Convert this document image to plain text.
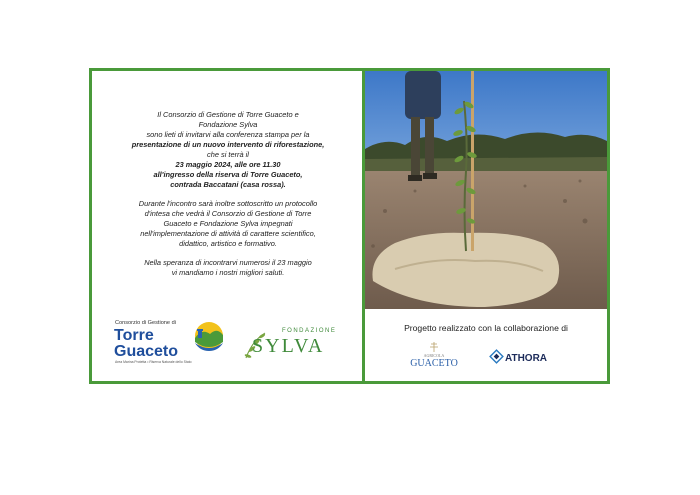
Il Consorzio di Gestione di Torre Guaceto e
Fondazione Sylva
sono lieti di invitarvi alla conferenza stampa per la
presentazione di un nuovo intervento di riforestazione,
che si terrà il
23 maggio 2024, alle ore 11.30
all'ingresso della riserva di Torre Guaceto,
contrada Baccatani (casa rossa).

Durante l'incontro sarà inoltre sottoscritto un protocollo
d'intesa che vedrà il Consorzio di Gestione di Torre
Guaceto e Fondazione Sylva impegnati
nell'implementazione di attività di carattere scientifico,
didattico, artistico e formativo.

Nella speranza di incontrarvi numerosi il 23 maggio
vi mandiamo i nostri migliori saluti.

Consorzio di Gestione di
Torre
Guaceto
Area Marina Protetta • Riserva Naturale dello Stato
FONDAZIONE
SYLVA
Progetto realizzato con la collaborazione di
AGRICOLA
GUACETO	ATHORA
